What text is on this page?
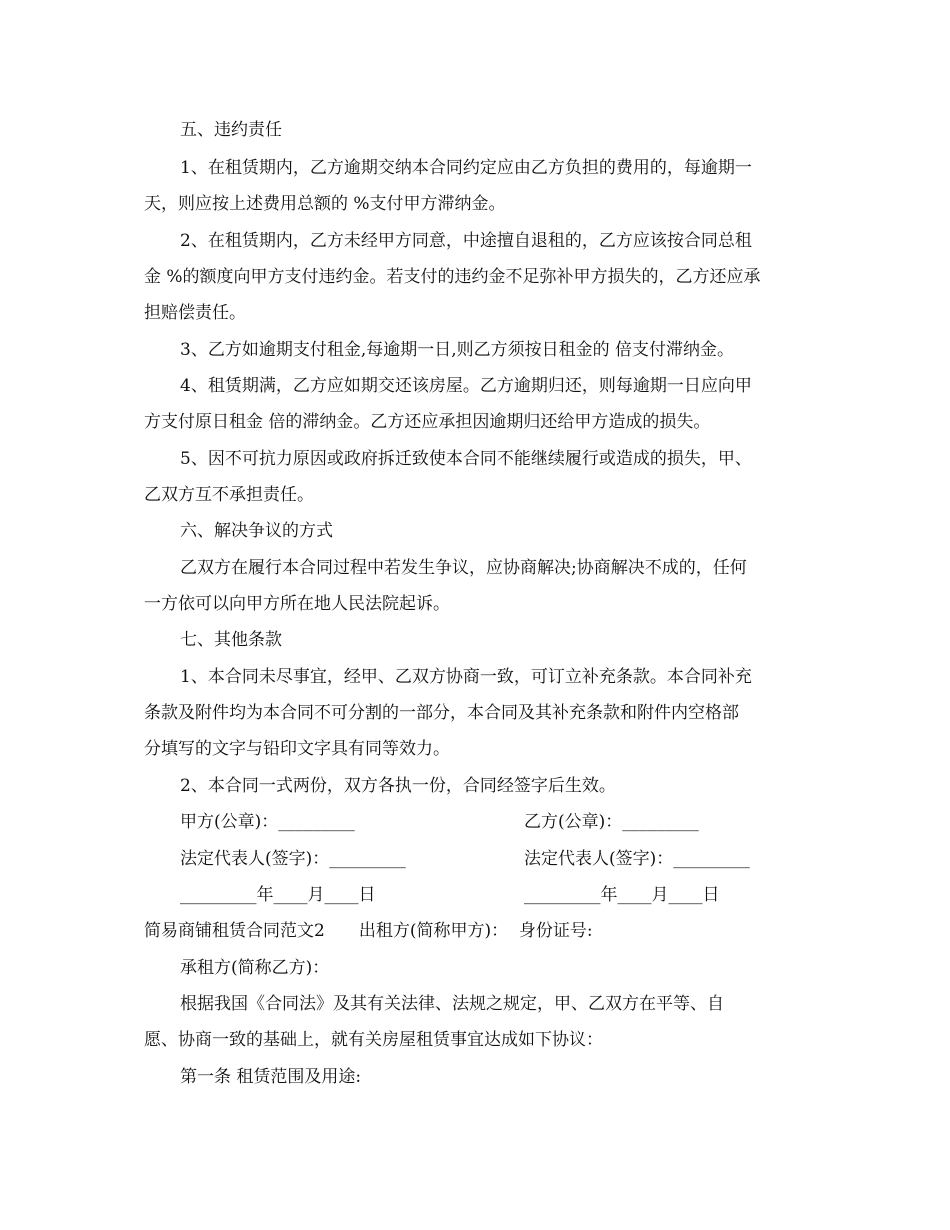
五、违约责任
1、在租赁期内，乙方逾期交纳本合同约定应由乙方负担的费用的，每逾期一
天，则应按上述费用总额的 %支付甲方滞纳金。
2、在租赁期内，乙方未经甲方同意，中途擅自退租的，乙方应该按合同总租
金 %的额度向甲方支付违约金。若支付的违约金不足弥补甲方损失的，乙方还应承
担赔偿责任。
3、乙方如逾期支付租金,每逾期一日,则乙方须按日租金的 倍支付滞纳金。
4、租赁期满，乙方应如期交还该房屋。乙方逾期归还，则每逾期一日应向甲
方支付原日租金 倍的滞纳金。乙方还应承担因逾期归还给甲方造成的损失。
5、因不可抗力原因或政府拆迁致使本合同不能继续履行或造成的损失，甲、
乙双方互不承担责任。
六、解决争议的方式
乙双方在履行本合同过程中若发生争议，应协商解决;协商解决不成的，任何
一方依可以向甲方所在地人民法院起诉。
七、其他条款
1、本合同未尽事宜，经甲、乙双方协商一致，可订立补充条款。本合同补充
条款及附件均为本合同不可分割的一部分，本合同及其补充条款和附件内空格部
分填写的文字与铅印文字具有同等效力。
2、本合同一式两份，双方各执一份，合同经签字后生效。
甲方(公章)：_________	乙方(公章)：_________
法定代表人(签字)：_________	法定代表人(签字)：_________
_________年____月____日	_________年____月____日
简易商铺租赁合同范文2　　出租方(简称甲方)：  身份证号:
承租方(简称乙方)：
根据我国《合同法》及其有关法律、法规之规定，甲、乙双方在平等、自
愿、协商一致的基础上，就有关房屋租赁事宜达成如下协议：
第一条 租赁范围及用途:
